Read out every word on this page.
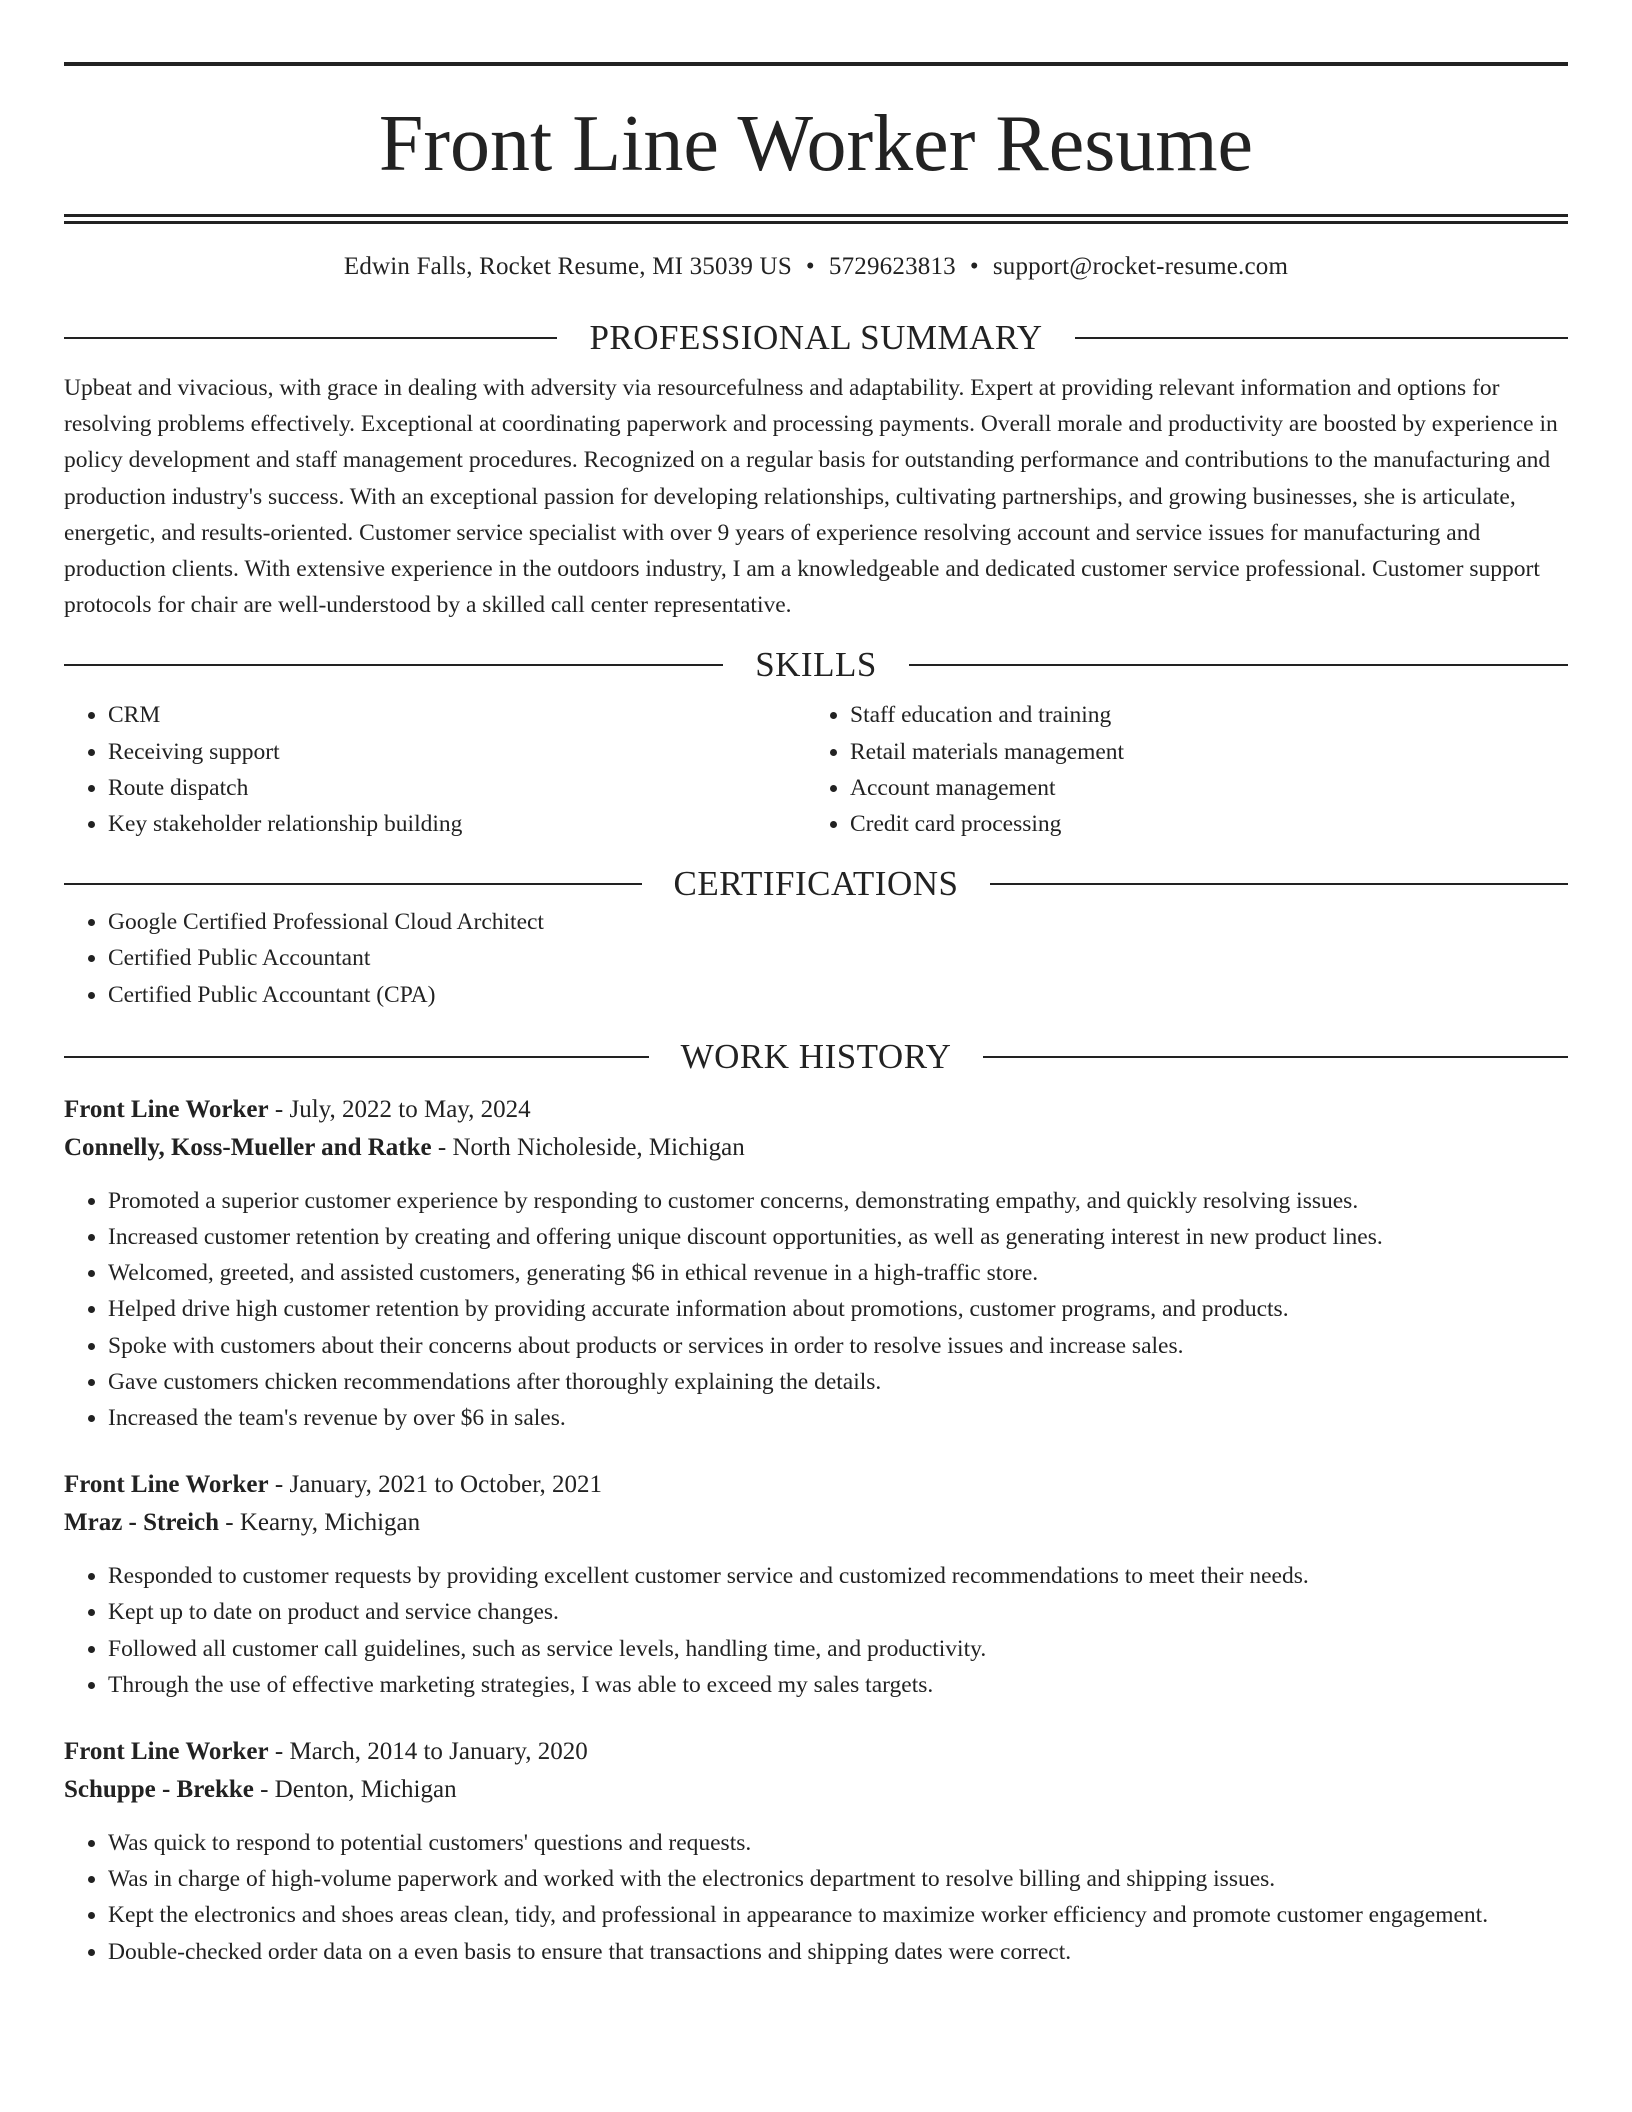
Front Line Worker Resume
Edwin Falls, Rocket Resume, MI 35039 US • 5729623813 • support@rocket-resume.com
PROFESSIONAL SUMMARY
Upbeat and vivacious, with grace in dealing with adversity via resourcefulness and adaptability. Expert at providing relevant information and options for resolving problems effectively. Exceptional at coordinating paperwork and processing payments. Overall morale and productivity are boosted by experience in policy development and staff management procedures. Recognized on a regular basis for outstanding performance and contributions to the manufacturing and production industry's success. With an exceptional passion for developing relationships, cultivating partnerships, and growing businesses, she is articulate, energetic, and results-oriented. Customer service specialist with over 9 years of experience resolving account and service issues for manufacturing and production clients. With extensive experience in the outdoors industry, I am a knowledgeable and dedicated customer service professional. Customer support protocols for chair are well-understood by a skilled call center representative.
SKILLS
• CRM
• Receiving support
• Route dispatch
• Key stakeholder relationship building
• Staff education and training
• Retail materials management
• Account management
• Credit card processing
CERTIFICATIONS
• Google Certified Professional Cloud Architect
• Certified Public Accountant
• Certified Public Accountant (CPA)
WORK HISTORY
Front Line Worker - July, 2022 to May, 2024
Connelly, Koss-Mueller and Ratke - North Nicholeside, Michigan
• Promoted a superior customer experience by responding to customer concerns, demonstrating empathy, and quickly resolving issues.
• Increased customer retention by creating and offering unique discount opportunities, as well as generating interest in new product lines.
• Welcomed, greeted, and assisted customers, generating $6 in ethical revenue in a high-traffic store.
• Helped drive high customer retention by providing accurate information about promotions, customer programs, and products.
• Spoke with customers about their concerns about products or services in order to resolve issues and increase sales.
• Gave customers chicken recommendations after thoroughly explaining the details.
• Increased the team's revenue by over $6 in sales.
Front Line Worker - January, 2021 to October, 2021
Mraz - Streich - Kearny, Michigan
• Responded to customer requests by providing excellent customer service and customized recommendations to meet their needs.
• Kept up to date on product and service changes.
• Followed all customer call guidelines, such as service levels, handling time, and productivity.
• Through the use of effective marketing strategies, I was able to exceed my sales targets.
Front Line Worker - March, 2014 to January, 2020
Schuppe - Brekke - Denton, Michigan
• Was quick to respond to potential customers' questions and requests.
• Was in charge of high-volume paperwork and worked with the electronics department to resolve billing and shipping issues.
• Kept the electronics and shoes areas clean, tidy, and professional in appearance to maximize worker efficiency and promote customer engagement.
• Double-checked order data on a even basis to ensure that transactions and shipping dates were correct.
